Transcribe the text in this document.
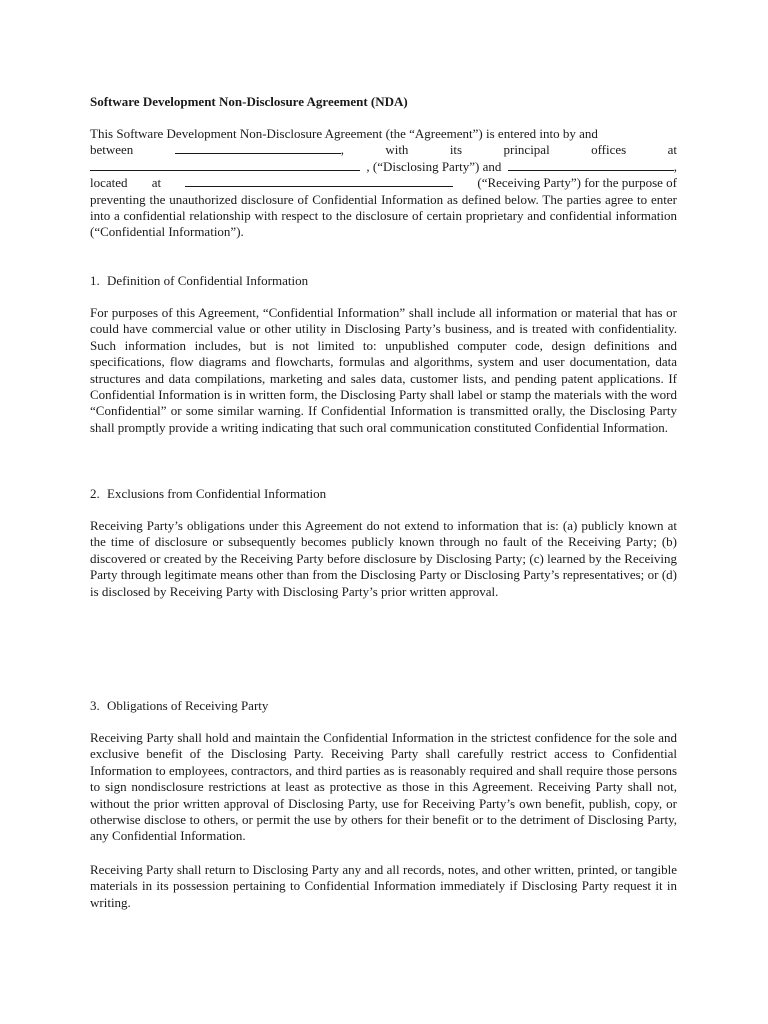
Software Development Non-Disclosure Agreement (NDA)
This Software Development Non-Disclosure Agreement (the “Agreement”) is entered into by and
between	,	with	its	principal	offices	at
, (“Disclosing Party”) and	,
located at	(“Receiving Party”) for the purpose of
preventing the unauthorized disclosure of Confidential Information as defined below. The parties agree to enter into a confidential relationship with respect to the disclosure of certain proprietary and confidential information (“Confidential Information”).
1. Definition of Confidential Information

For purposes of this Agreement, “Confidential Information” shall include all information or material that has or could have commercial value or other utility in Disclosing Party’s business, and is treated with confidentiality. Such information includes, but is not limited to: unpublished computer code, design definitions and specifications, flow diagrams and flowcharts, formulas and algorithms, system and user documentation, data structures and data compilations, marketing and sales data, customer lists, and pending patent applications. If Confidential Information is in written form, the Disclosing Party shall label or stamp the materials with the word “Confidential” or some similar warning. If Confidential Information is transmitted orally, the Disclosing Party shall promptly provide a writing indicating that such oral communication constituted Confidential Information.

2. Exclusions from Confidential Information

Receiving Party’s obligations under this Agreement do not extend to information that is: (a) publicly known at the time of disclosure or subsequently becomes publicly known through no fault of the Receiving Party; (b) discovered or created by the Receiving Party before disclosure by Disclosing Party; (c) learned by the Receiving Party through legitimate means other than from the Disclosing Party or Disclosing Party’s representatives; or (d) is disclosed by Receiving Party with Disclosing Party’s prior written approval.

3. Obligations of Receiving Party

Receiving Party shall hold and maintain the Confidential Information in the strictest confidence for the sole and exclusive benefit of the Disclosing Party. Receiving Party shall carefully restrict access to Confidential Information to employees, contractors, and third parties as is reasonably required and shall require those persons to sign nondisclosure restrictions at least as protective as those in this Agreement. Receiving Party shall not, without the prior written approval of Disclosing Party, use for Receiving Party’s own benefit, publish, copy, or otherwise disclose to others, or permit the use by others for their benefit or to the detriment of Disclosing Party, any Confidential Information.

Receiving Party shall return to Disclosing Party any and all records, notes, and other written, printed, or tangible materials in its possession pertaining to Confidential Information immediately if Disclosing Party request it in writing.
